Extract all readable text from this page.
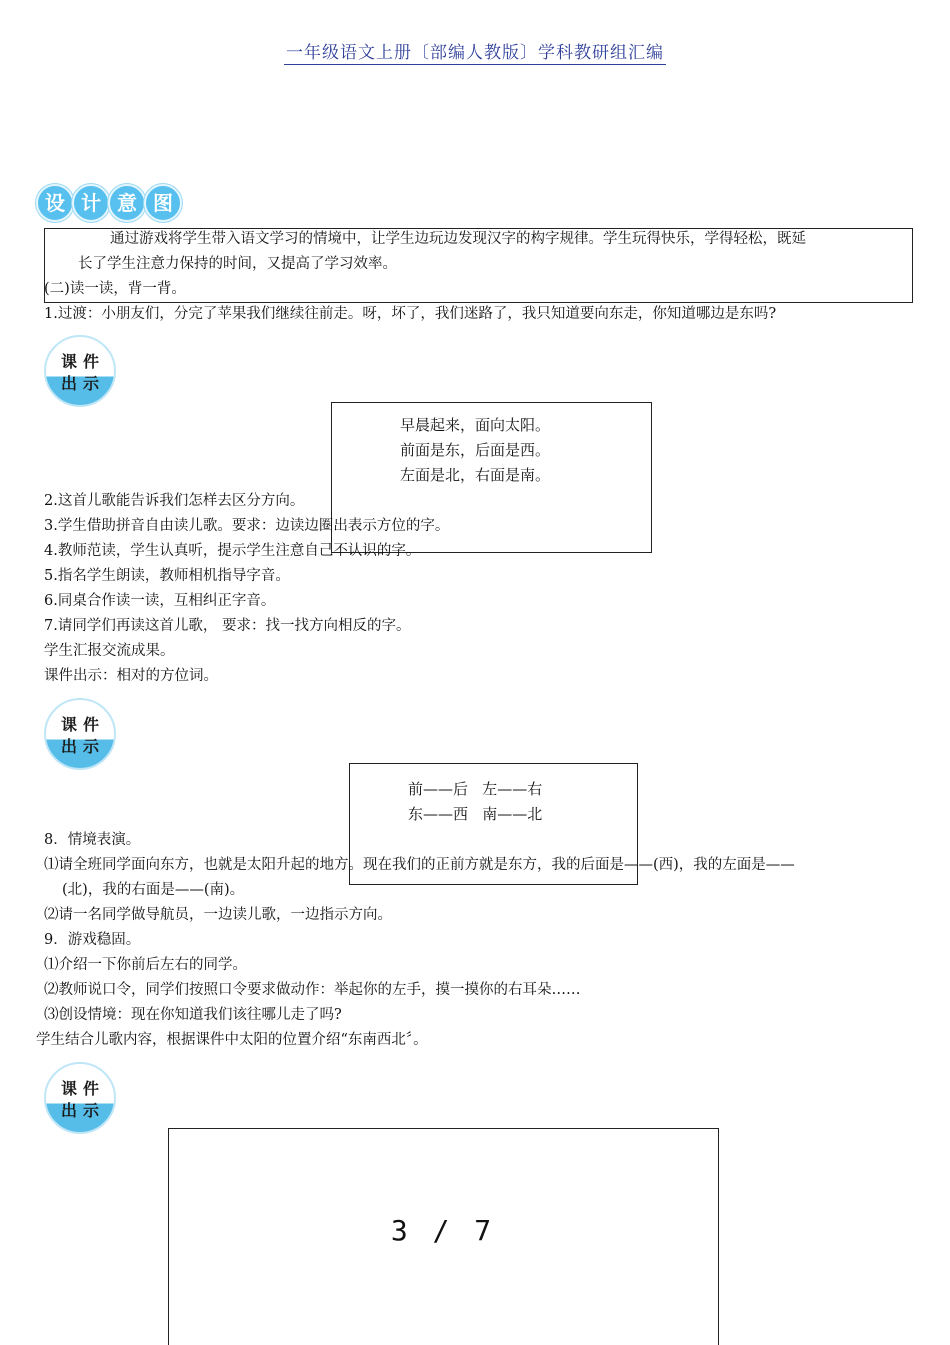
一年级语文上册〔部编人教版〕学科教研组汇编
设 计 意 图
通过游戏将学生带入语文学习的情境中，让学生边玩边发现汉字的构字规律。学生玩得快乐，学得轻松，既延
长了学生注意力保持的时间，又提高了学习效率。
(二)读一读，背一背。
1.过渡：小朋友们，分完了苹果我们继续往前走。呀，坏了，我们迷路了，我只知道要向东走，你知道哪边是东吗?
课件
出示
早晨起来，面向太阳。
前面是东，后面是西。
左面是北，右面是南。
2.这首儿歌能告诉我们怎样去区分方向。
3.学生借助拼音自由读儿歌。要求：边读边圈出表示方位的字。
4.教师范读，学生认真听，提示学生注意自己不认识的字。
5.指名学生朗读，教师相机指导字音。
6.同桌合作读一读，互相纠正字音。
7.请同学们再读这首儿歌， 要求：找一找方向相反的字。
学生汇报交流成果。
课件出示：相对的方位词。
课件
出示
前——后   左——右
东——西   南——北
8．情境表演。
⑴请全班同学面向东方，也就是太阳升起的地方。现在我们的正前方就是东方，我的后面是——(西)，我的左面是——
(北)，我的右面是——(南)。
⑵请一名同学做导航员，一边读儿歌，一边指示方向。
9．游戏稳固。
⑴介绍一下你前后左右的同学。
⑵教师说口令，同学们按照口令要求做动作：举起你的左手，摸一摸你的右耳朵……
⑶创设情境：现在你知道我们该往哪儿走了吗?
学生结合儿歌内容，根据课件中太阳的位置介绍“东南西北〞。
课件
出示
3 / 7
